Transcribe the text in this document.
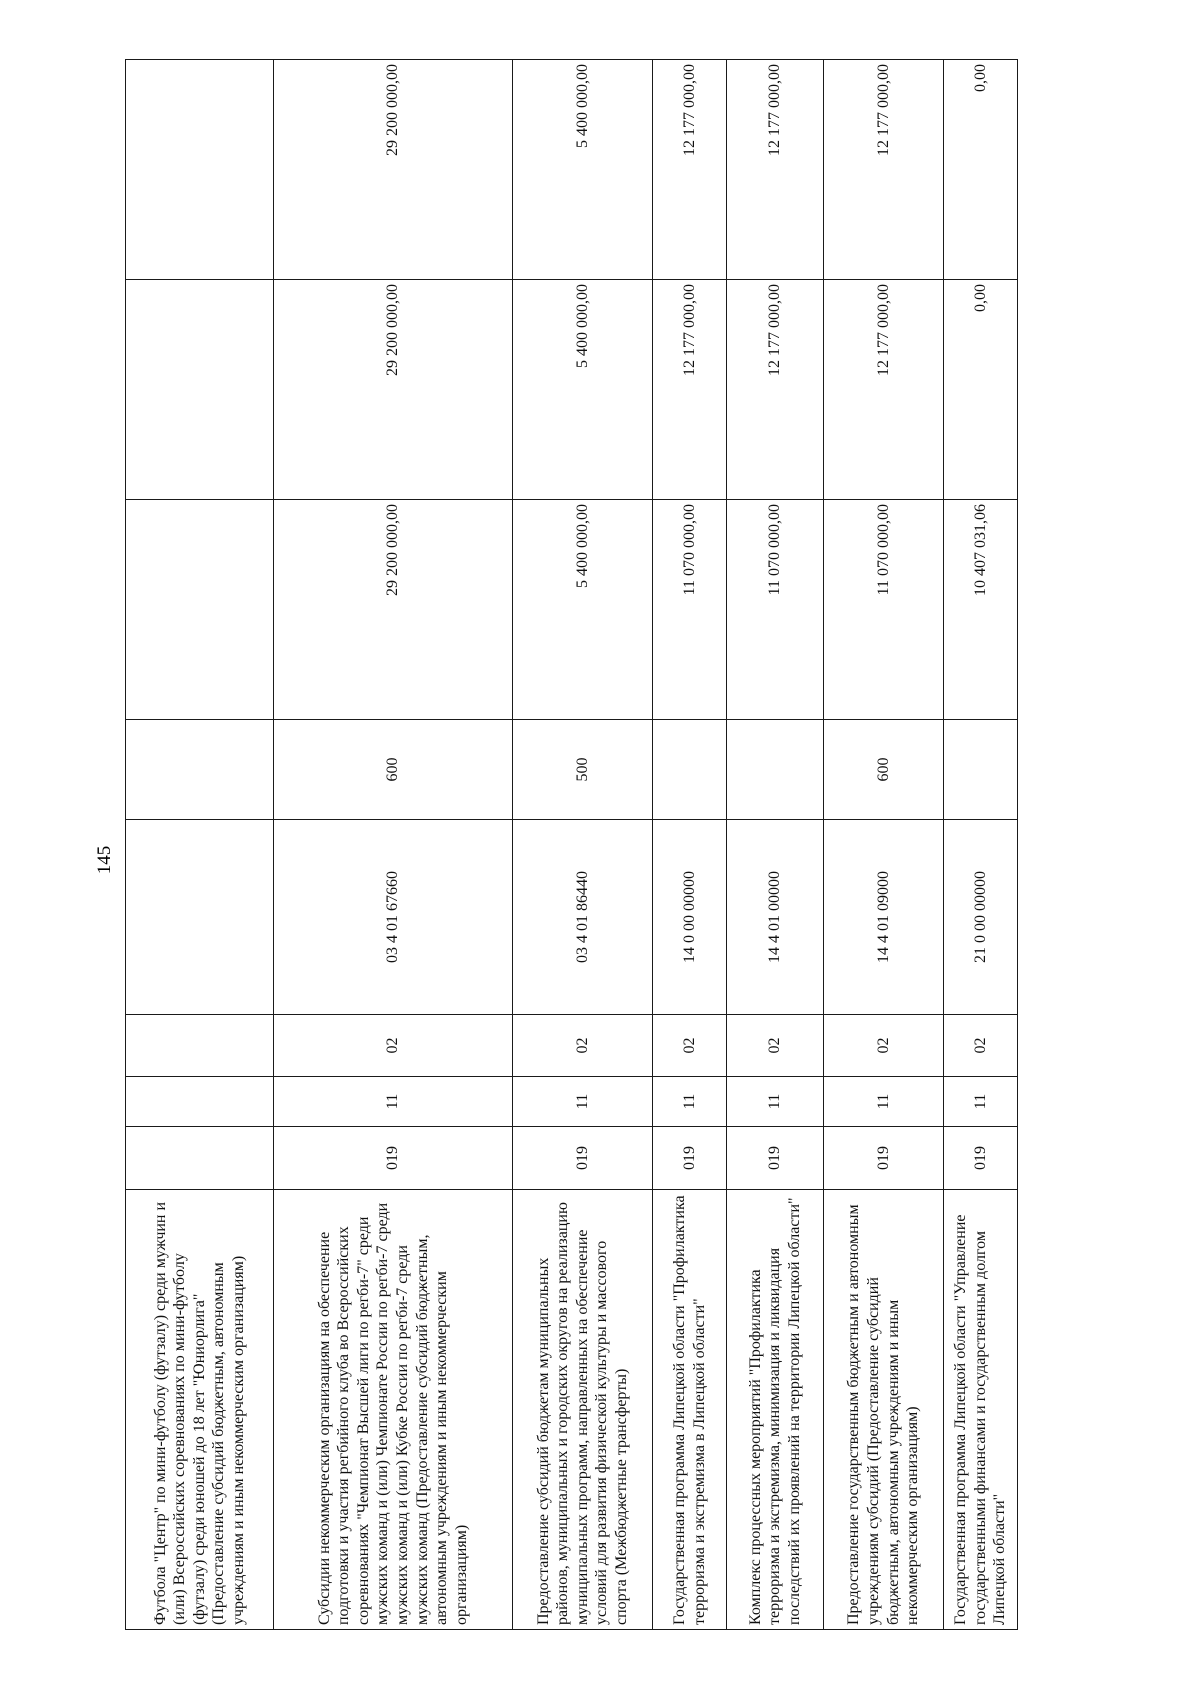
145
Футбола "Центр" по мини-футболу (футзалу) среди мужчин и (или) Всероссийских соревнованиях по мини-футболу (футзалу) среди юношей до 18 лет "Юниорлига" (Предоставление субсидий бюджетным, автономным учреждениям и иным некоммерческим организациям)								
Субсидии некоммерческим организациям на обеспечение подготовки и участия регбийного клуба во Всероссийских соревнованиях "Чемпионат Высшей лиги по регби-7" среди мужских команд и (или) Чемпионате России по регби-7 среди мужских команд и (или) Кубке России по регби-7 среди мужских команд (Предоставление субсидий бюджетным, автономным учреждениям и иным некоммерческим организациям)	019	11	02	03 4 01 67660	600	29 200 000,00	29 200 000,00	29 200 000,00
Предоставление субсидий бюджетам муниципальных районов, муниципальных и городских округов на реализацию муниципальных программ, направленных на обеспечение условий для развития физической культуры и массового спорта (Межбюджетные трансферты)	019	11	02	03 4 01 86440	500	5 400 000,00	5 400 000,00	5 400 000,00
Государственная программа Липецкой области "Профилактика терроризма и экстремизма в Липецкой области"	019	11	02	14 0 00 00000		11 070 000,00	12 177 000,00	12 177 000,00
Комплекс процессных мероприятий "Профилактика терроризма и экстремизма, минимизация и ликвидация последствий их проявлений на территории Липецкой области"	019	11	02	14 4 01 00000		11 070 000,00	12 177 000,00	12 177 000,00
Предоставление государственным бюджетным и автономным учреждениям субсидий (Предоставление субсидий бюджетным, автономным учреждениям и иным некоммерческим организациям)	019	11	02	14 4 01 09000	600	11 070 000,00	12 177 000,00	12 177 000,00
Государственная программа Липецкой области "Управление государственными финансами и государственным долгом Липецкой области"	019	11	02	21 0 00 00000		10 407 031,06	0,00	0,00
